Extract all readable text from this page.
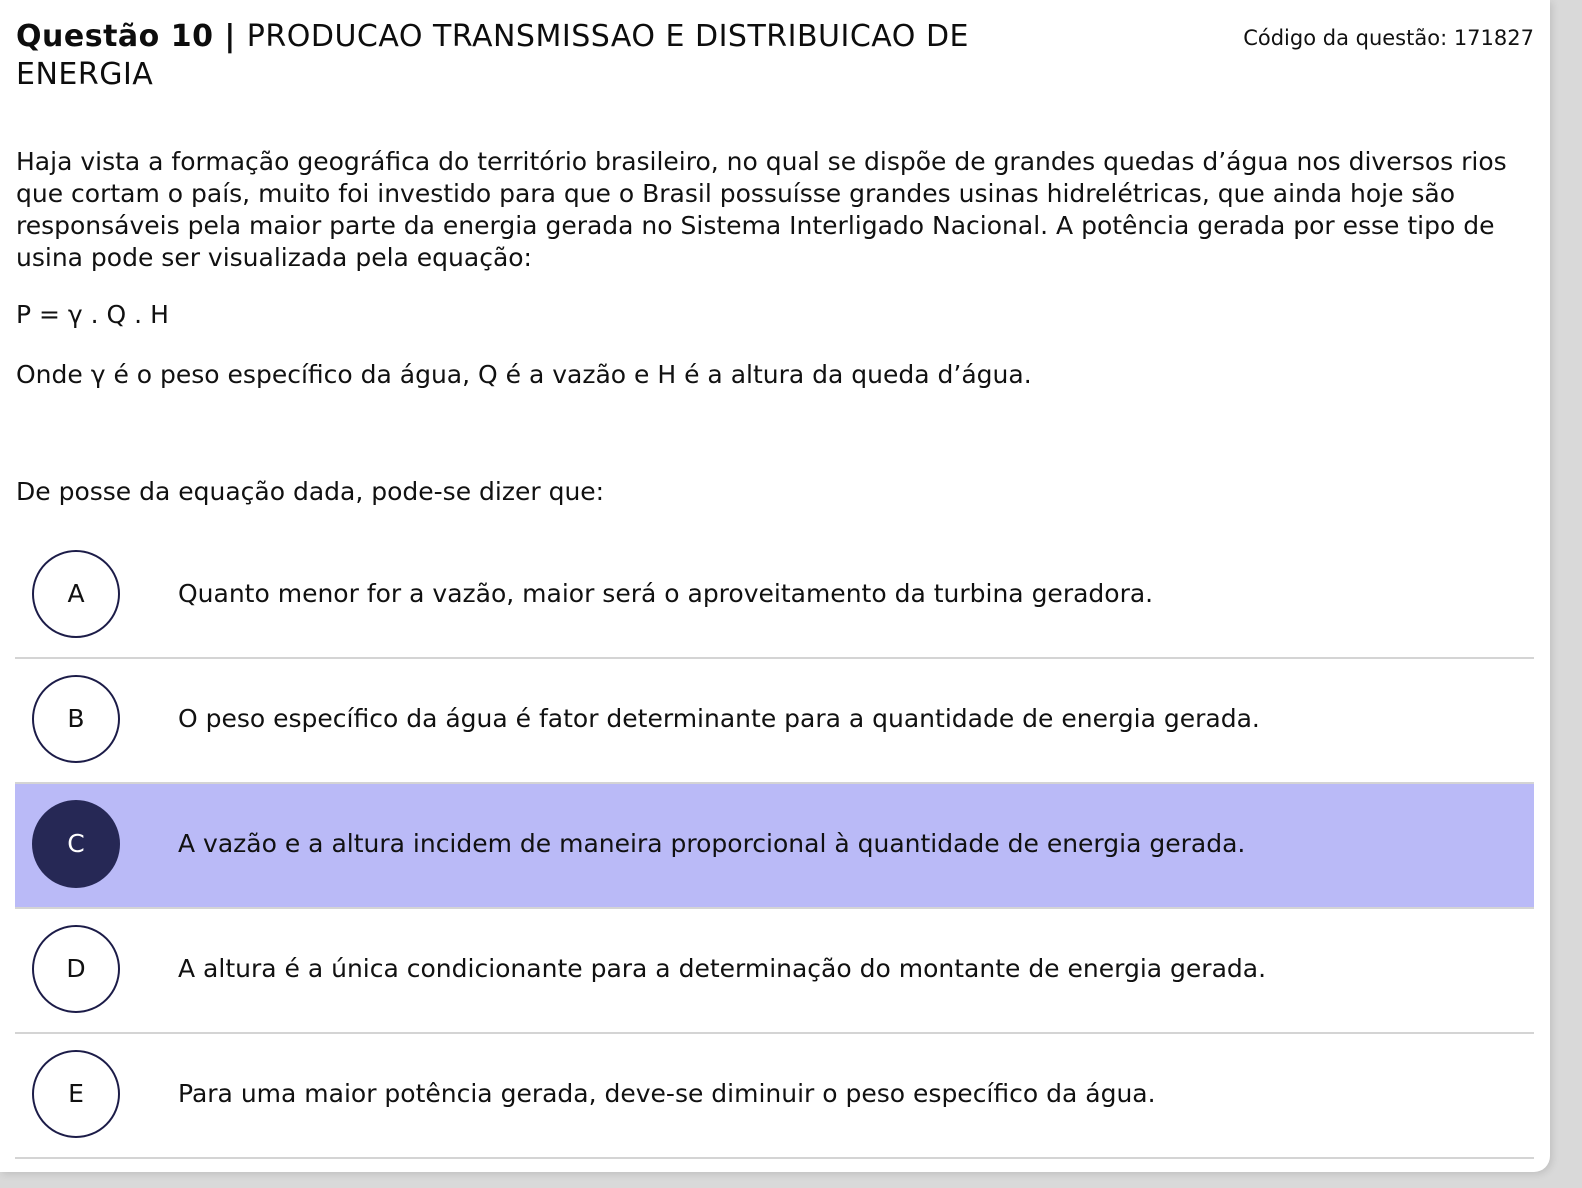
Questão 10 | PRODUCAO TRANSMISSAO E DISTRIBUICAO DE ENERGIA
Código da questão: 171827

Haja vista a formação geográfica do território brasileiro, no qual se dispõe de grandes quedas d’água nos diversos rios que cortam o país, muito foi investido para que o Brasil possuísse grandes usinas hidrelétricas, que ainda hoje são responsáveis pela maior parte da energia gerada no Sistema Interligado Nacional. A potência gerada por esse tipo de usina pode ser visualizada pela equação:

P = γ . Q . H

Onde γ é o peso específico da água, Q é a vazão e H é a altura da queda d’água.

De posse da equação dada, pode-se dizer que:

A	Quanto menor for a vazão, maior será o aproveitamento da turbina geradora.
B	O peso específico da água é fator determinante para a quantidade de energia gerada.
C	A vazão e a altura incidem de maneira proporcional à quantidade de energia gerada.
D	A altura é a única condicionante para a determinação do montante de energia gerada.
E	Para uma maior potência gerada, deve-se diminuir o peso específico da água.
